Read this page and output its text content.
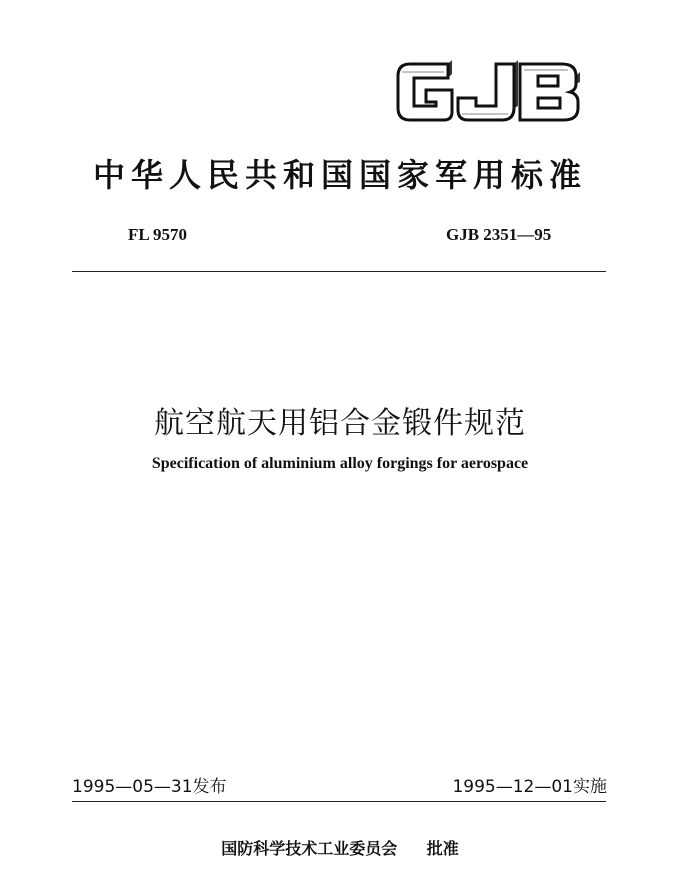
中华人民共和国国家军用标准
FL 9570	GJB 2351—95
航空航天用铝合金锻件规范
Specification of aluminium alloy forgings for aerospace
1995—05—31发布	1995—12—01实施
国防科学技术工业委员会 批准
